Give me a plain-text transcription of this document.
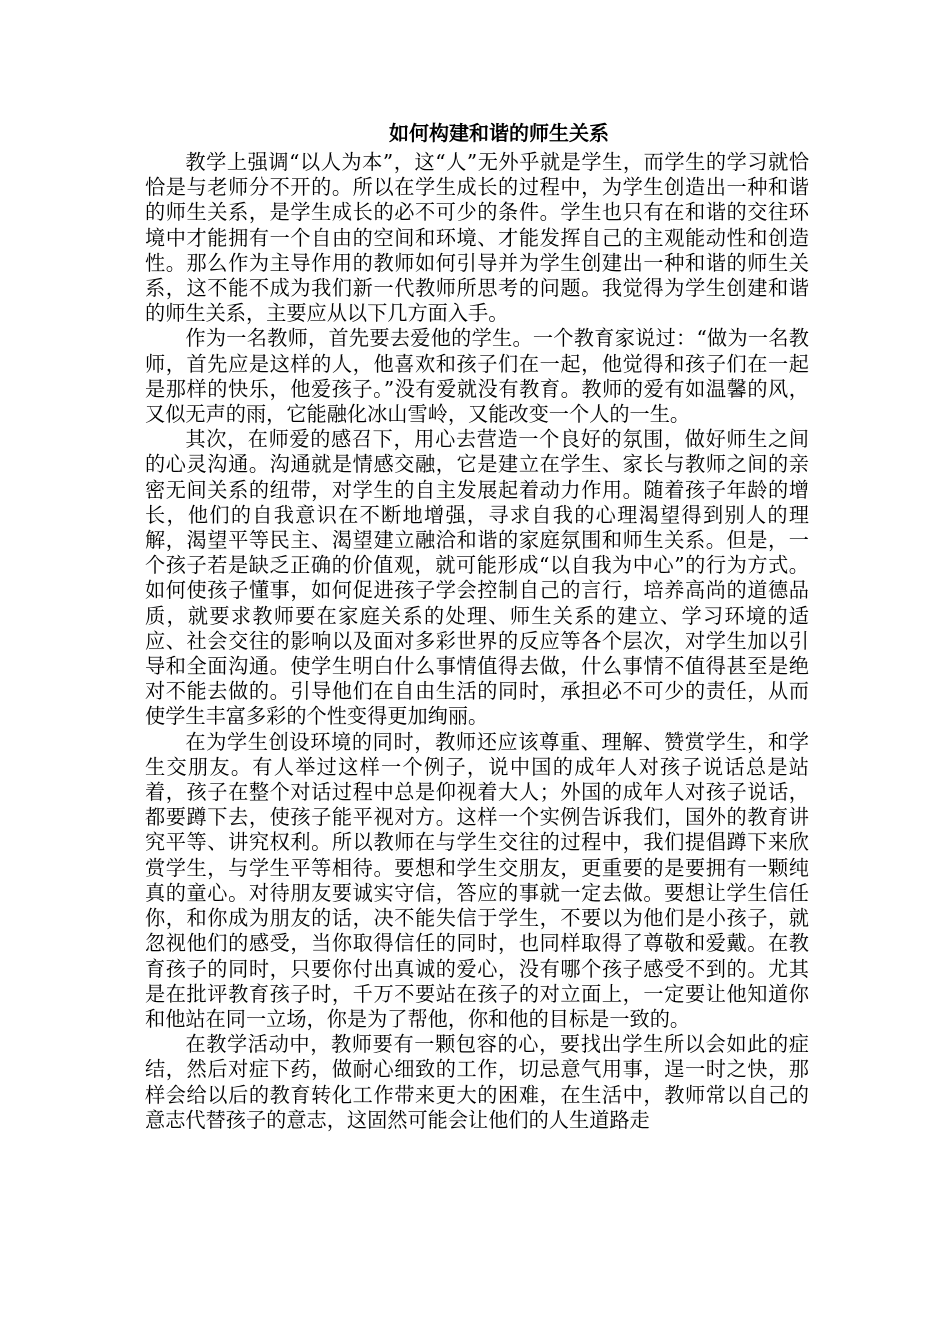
如何构建和谐的师生关系

教学上强调“以人为本”，这“人”无外乎就是学生，而学生的学习就恰恰是与老师分不开的。所以在学生成长的过程中，为学生创造出一种和谐的师生关系，是学生成长的必不可少的条件。学生也只有在和谐的交往环境中才能拥有一个自由的空间和环境、才能发挥自己的主观能动性和创造性。那么作为主导作用的教师如何引导并为学生创建出一种和谐的师生关系，这不能不成为我们新一代教师所思考的问题。我觉得为学生创建和谐的师生关系，主要应从以下几方面入手。

作为一名教师，首先要去爱他的学生。一个教育家说过：“做为一名教师，首先应是这样的人，他喜欢和孩子们在一起，他觉得和孩子们在一起是那样的快乐，他爱孩子。”没有爱就没有教育。教师的爱有如温馨的风，又似无声的雨，它能融化冰山雪岭，又能改变一个人的一生。

其次，在师爱的感召下，用心去营造一个良好的氛围，做好师生之间的心灵沟通。沟通就是情感交融，它是建立在学生、家长与教师之间的亲密无间关系的纽带，对学生的自主发展起着动力作用。随着孩子年龄的增长，他们的自我意识在不断地增强，寻求自我的心理渴望得到别人的理解，渴望平等民主、渴望建立融洽和谐的家庭氛围和师生关系。但是，一个孩子若是缺乏正确的价值观，就可能形成“以自我为中心”的行为方式。如何使孩子懂事，如何促进孩子学会控制自己的言行，培养高尚的道德品质，就要求教师要在家庭关系的处理、师生关系的建立、学习环境的适应、社会交往的影响以及面对多彩世界的反应等各个层次，对学生加以引导和全面沟通。使学生明白什么事情值得去做，什么事情不值得甚至是绝对不能去做的。引导他们在自由生活的同时，承担必不可少的责任，从而使学生丰富多彩的个性变得更加绚丽。

在为学生创设环境的同时，教师还应该尊重、理解、赞赏学生，和学生交朋友。有人举过这样一个例子，说中国的成年人对孩子说话总是站着，孩子在整个对话过程中总是仰视着大人；外国的成年人对孩子说话，都要蹲下去，使孩子能平视对方。这样一个实例告诉我们，国外的教育讲究平等、讲究权利。所以教师在与学生交往的过程中，我们提倡蹲下来欣赏学生，与学生平等相待。要想和学生交朋友，更重要的是要拥有一颗纯真的童心。对待朋友要诚实守信，答应的事就一定去做。要想让学生信任你，和你成为朋友的话，决不能失信于学生，不要以为他们是小孩子，就忽视他们的感受，当你取得信任的同时，也同样取得了尊敬和爱戴。在教育孩子的同时，只要你付出真诚的爱心，没有哪个孩子感受不到的。尤其是在批评教育孩子时，千万不要站在孩子的对立面上，一定要让他知道你和他站在同一立场，你是为了帮他，你和他的目标是一致的。

在教学活动中，教师要有一颗包容的心，要找出学生所以会如此的症结，然后对症下药，做耐心细致的工作，切忌意气用事，逞一时之快，那样会给以后的教育转化工作带来更大的困难，在生活中，教师常以自己的意志代替孩子的意志，这固然可能会让他们的人生道路走
